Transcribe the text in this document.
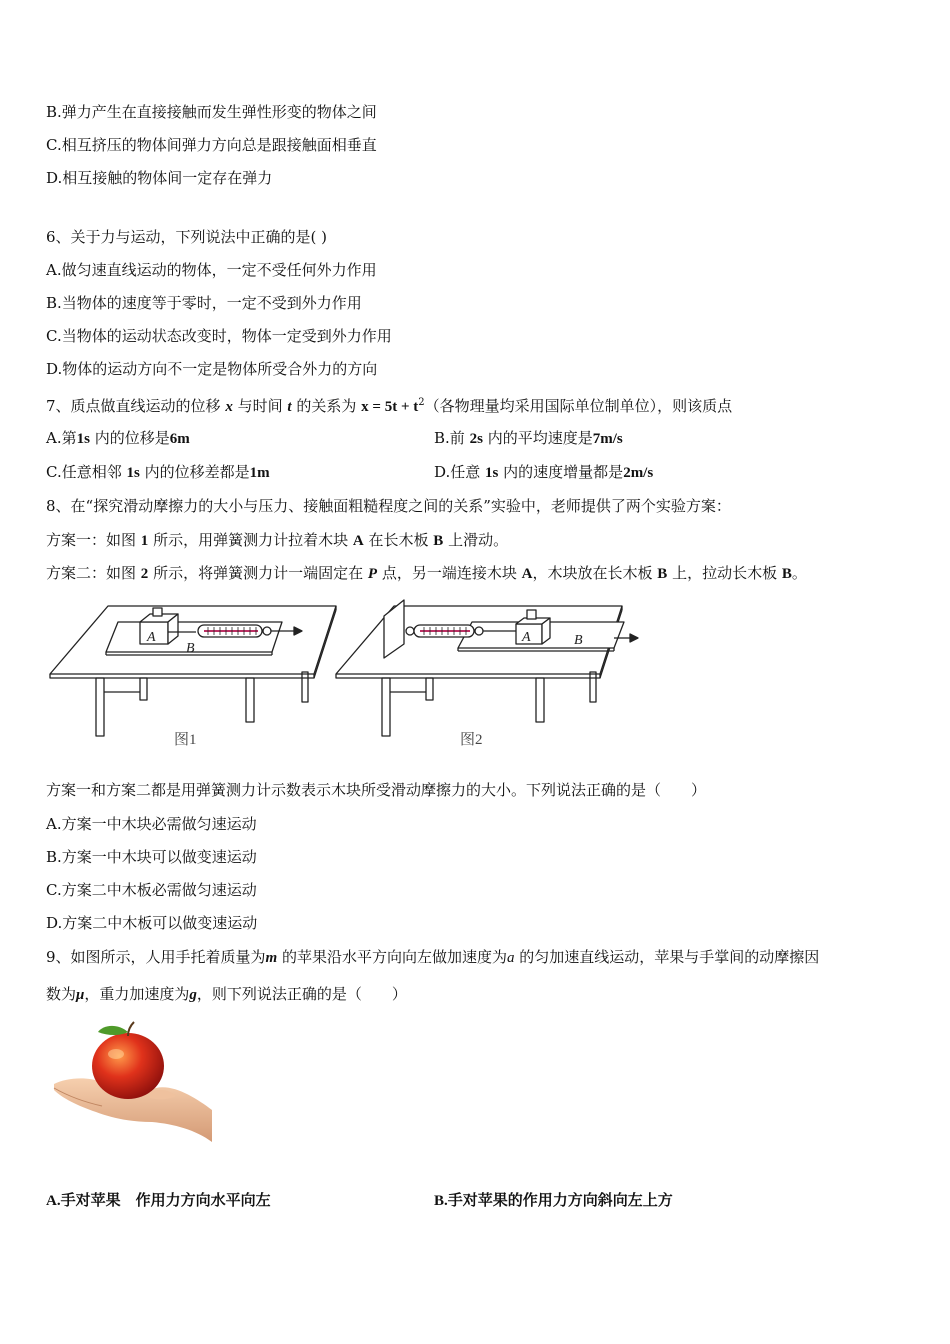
B.弹力产生在直接接触而发生弹性形变的物体之间
C.相互挤压的物体间弹力方向总是跟接触面相垂直
D.相互接触的物体间一定存在弹力
6、关于力与运动，下列说法中正确的是( )
A.做匀速直线运动的物体，一定不受任何外力作用
B.当物体的速度等于零时，一定不受到外力作用
C.当物体的运动状态改变时，物体一定受到外力作用
D.物体的运动方向不一定是物体所受合外力的方向
7、质点做直线运动的位移 x 与时间 t 的关系为 $x = 5t + t^2$（各物理量均采用国际单位制单位），则该质点
A.第1s 内的位移是6m	B.前 2s 内的平均速度是7m/s
C.任意相邻 1s 内的位移差都是1m	D.任意 1s 内的速度增量都是2m/s
8、在“探究滑动摩擦力的大小与压力、接触面粗糙程度之间的关系”实验中，老师提供了两个实验方案：
方案一：如图 1 所示，用弹簧测力计拉着木块 A 在长木板 B 上滑动。
方案二：如图 2 所示，将弹簧测力计一端固定在 P 点，另一端连接木块 A，木块放在长木板 B 上，拉动长木板 B。
A
B
图1
A	B
图2
方案一和方案二都是用弹簧测力计示数表示木块所受滑动摩擦力的大小。下列说法正确的是（　　）
A.方案一中木块必需做匀速运动
B.方案一中木块可以做变速运动
C.方案二中木板必需做匀速运动
D.方案二中木板可以做变速运动
9、如图所示，人用手托着质量为m 的苹果沿水平方向向左做加速度为a 的匀加速直线运动，苹果与手掌间的动摩擦因
数为μ，重力加速度为g，则下列说法正确的是（　　）
A.手对苹果　作用力方向水平向左	B.手对苹果的作用力方向斜向左上方
